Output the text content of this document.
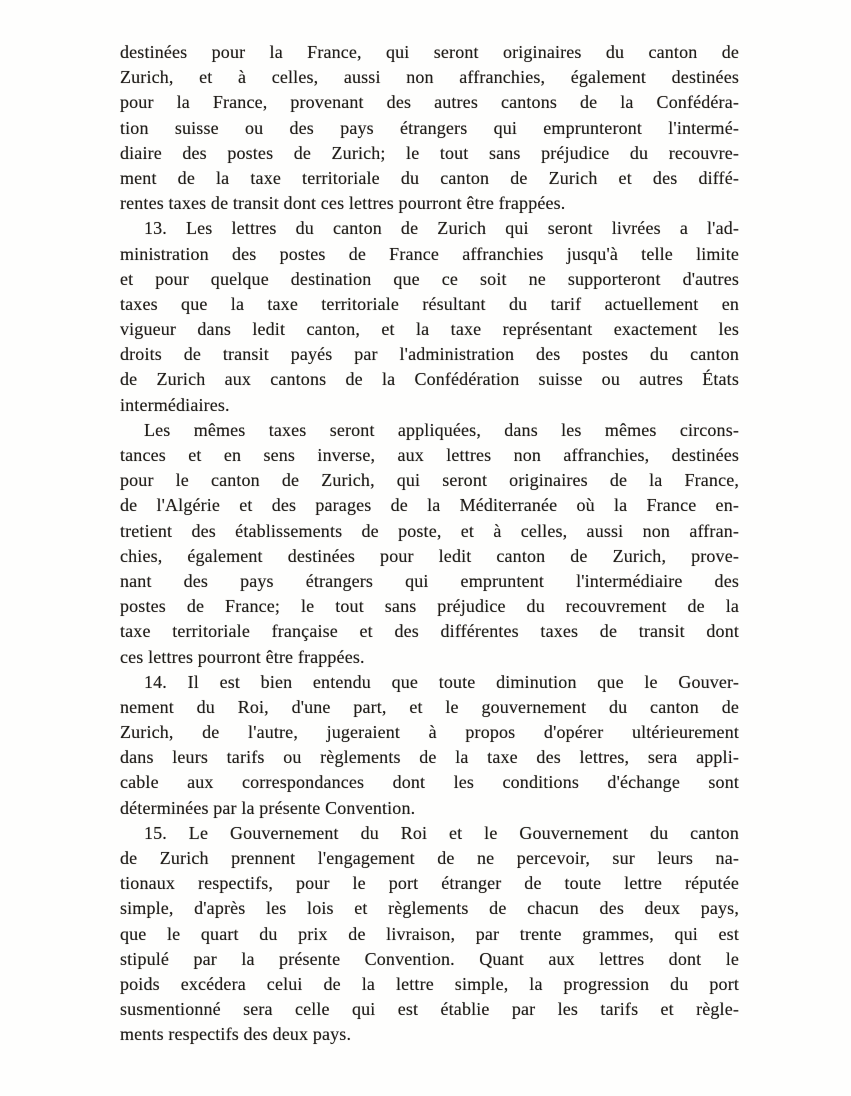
destinées pour la France, qui seront originaires du canton de
Zurich, et à celles, aussi non affranchies, également destinées
pour la France, provenant des autres cantons de la Confédéra-
tion suisse ou des pays étrangers qui emprunteront l'intermé-
diaire des postes de Zurich; le tout sans préjudice du recouvre-
ment de la taxe territoriale du canton de Zurich et des diffé-
rentes taxes de transit dont ces lettres pourront être frappées.
13. Les lettres du canton de Zurich qui seront livrées a l'ad-
ministration des postes de France affranchies jusqu'à telle limite
et pour quelque destination que ce soit ne supporteront d'autres
taxes que la taxe territoriale résultant du tarif actuellement en
vigueur dans ledit canton, et la taxe représentant exactement les
droits de transit payés par l'administration des postes du canton
de Zurich aux cantons de la Confédération suisse ou autres États
intermédiaires.
Les mêmes taxes seront appliquées, dans les mêmes circons-
tances et en sens inverse, aux lettres non affranchies, destinées
pour le canton de Zurich, qui seront originaires de la France,
de l'Algérie et des parages de la Méditerranée où la France en-
tretient des établissements de poste, et à celles, aussi non affran-
chies, également destinées pour ledit canton de Zurich, prove-
nant des pays étrangers qui empruntent l'intermédiaire des
postes de France; le tout sans préjudice du recouvrement de la
taxe territoriale française et des différentes taxes de transit dont
ces lettres pourront être frappées.
14. Il est bien entendu que toute diminution que le Gouver-
nement du Roi, d'une part, et le gouvernement du canton de
Zurich, de l'autre, jugeraient à propos d'opérer ultérieurement
dans leurs tarifs ou règlements de la taxe des lettres, sera appli-
cable aux correspondances dont les conditions d'échange sont
déterminées par la présente Convention.
15. Le Gouvernement du Roi et le Gouvernement du canton
de Zurich prennent l'engagement de ne percevoir, sur leurs na-
tionaux respectifs, pour le port étranger de toute lettre réputée
simple, d'après les lois et règlements de chacun des deux pays,
que le quart du prix de livraison, par trente grammes, qui est
stipulé par la présente Convention. Quant aux lettres dont le
poids excédera celui de la lettre simple, la progression du port
susmentionné sera celle qui est établie par les tarifs et règle-
ments respectifs des deux pays.
